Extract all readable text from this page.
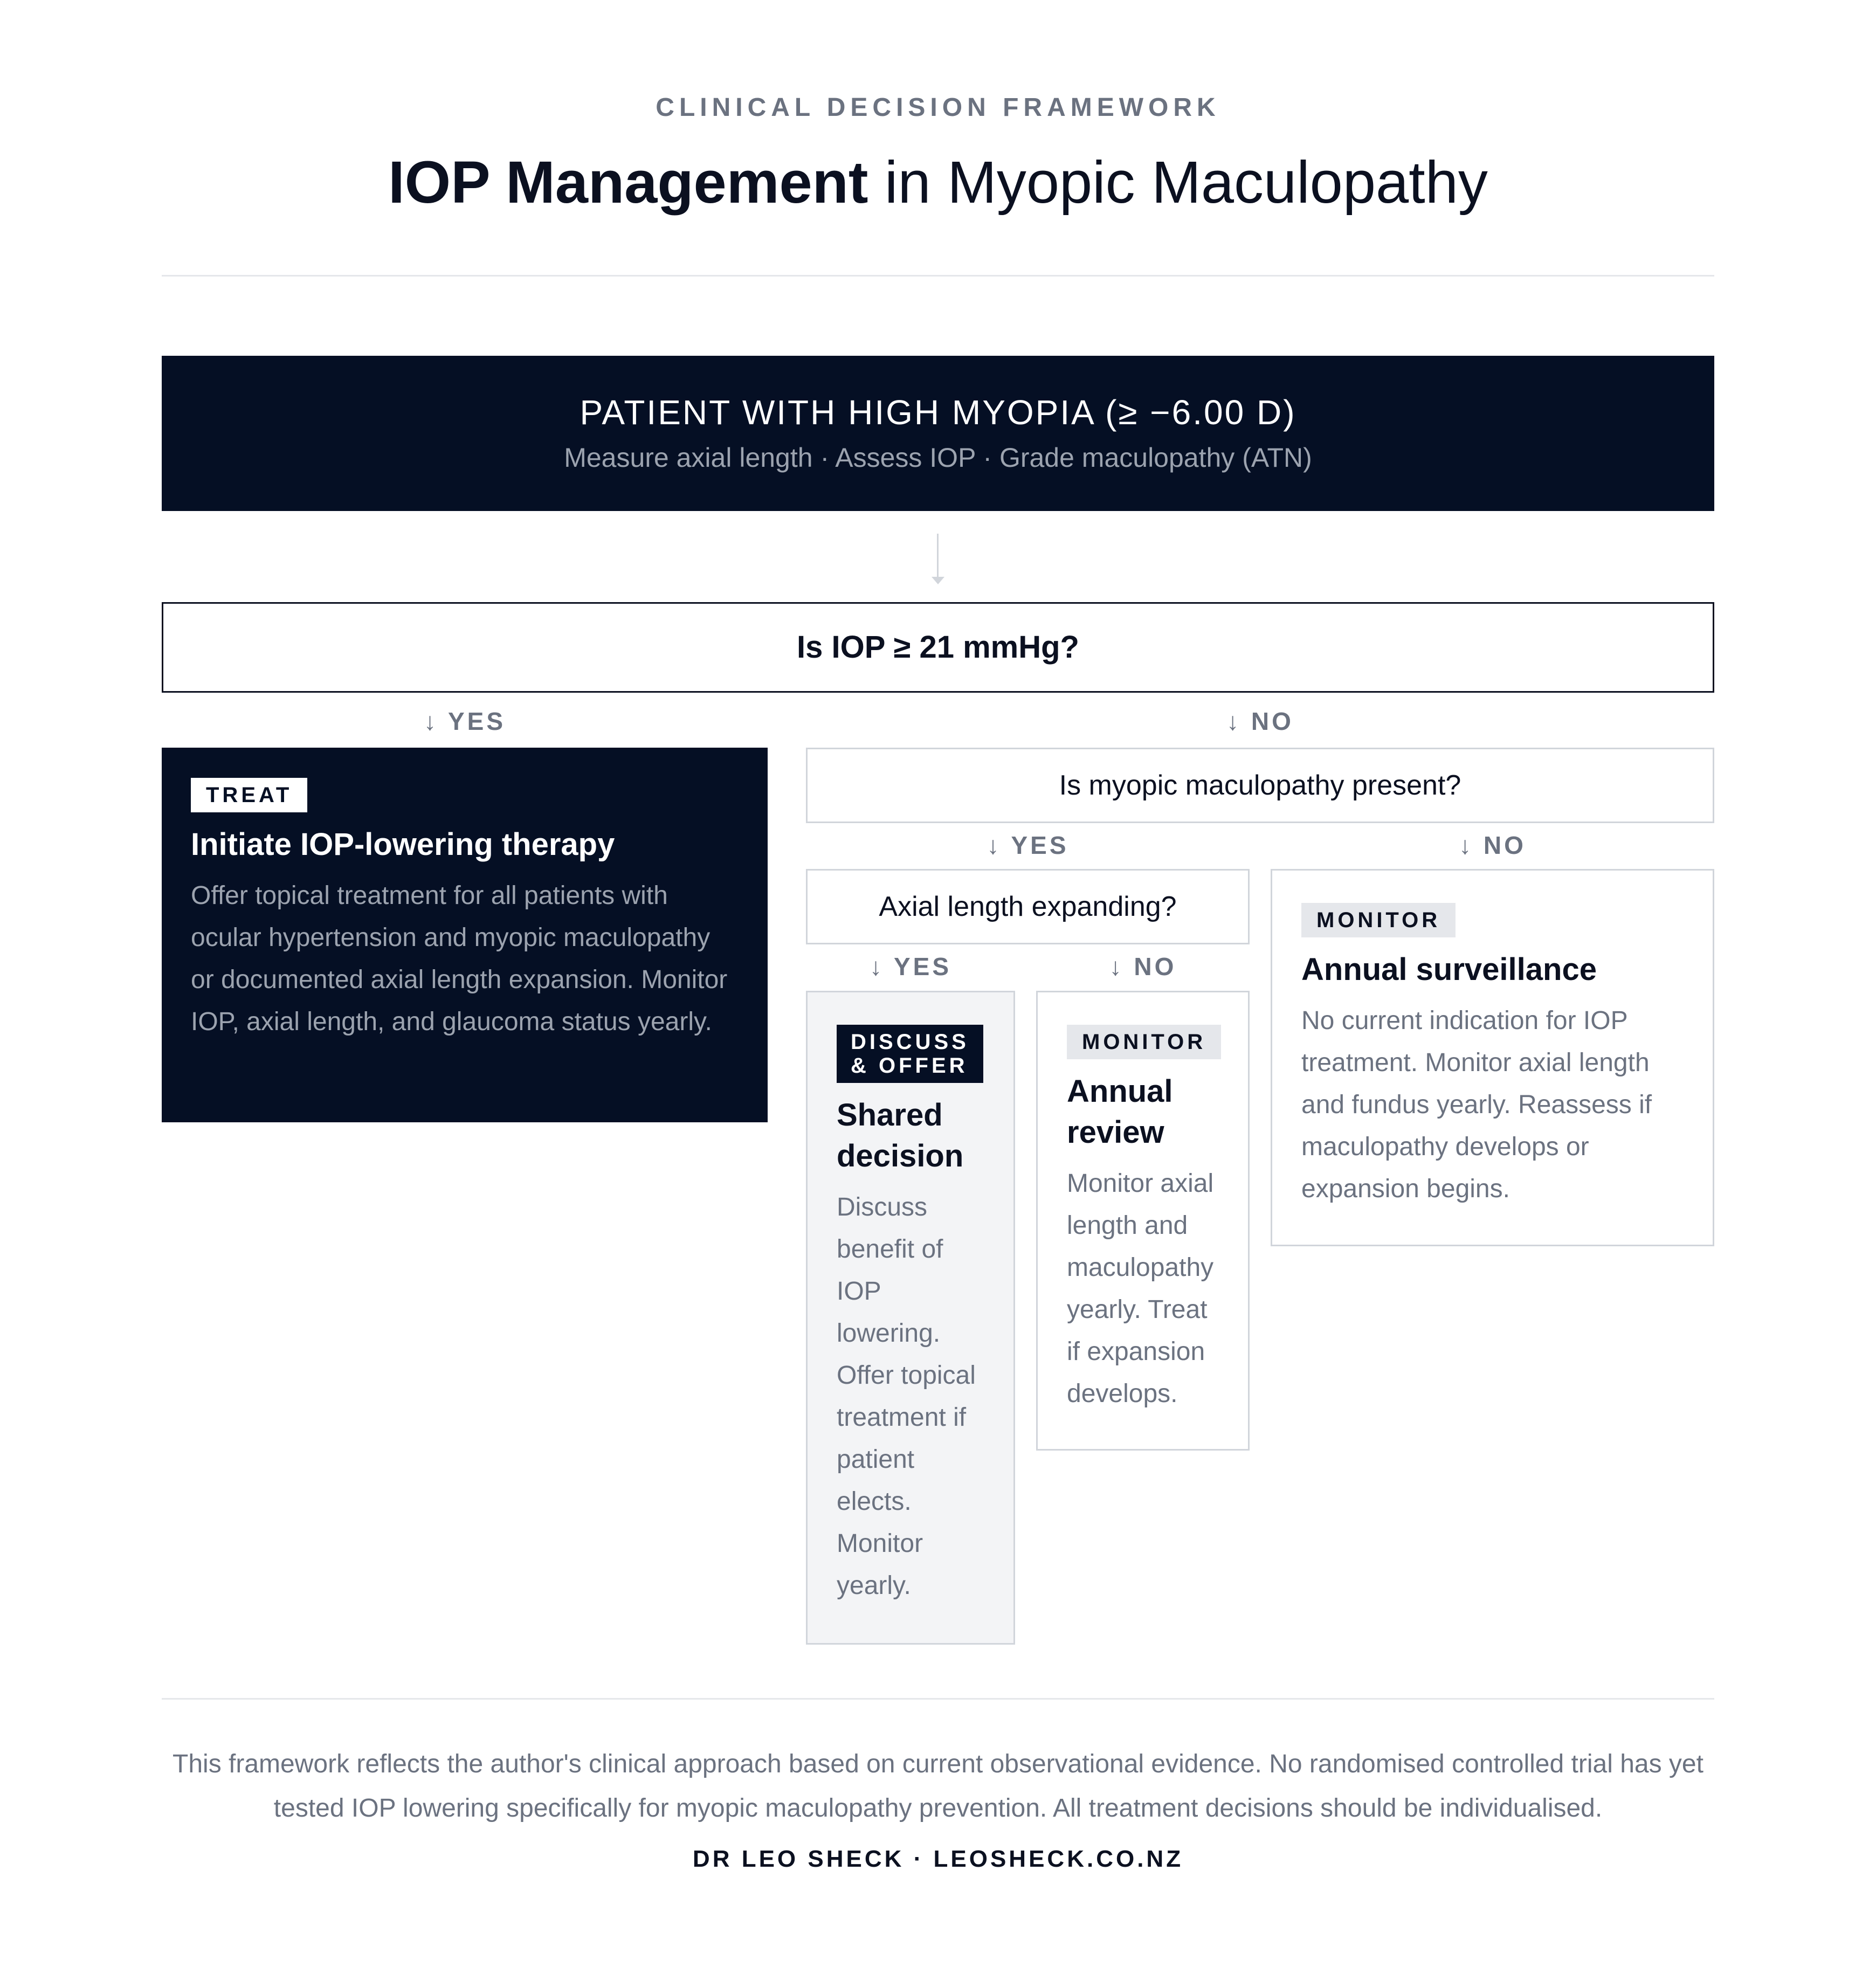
CLINICAL DECISION FRAMEWORK
IOP Management in Myopic Maculopathy
PATIENT WITH HIGH MYOPIA (≥ −6.00 D)
Measure axial length · Assess IOP · Grade maculopathy (ATN)
Is IOP ≥ 21 mmHg?
↓ YES	↓ NO
TREAT
Initiate IOP-lowering therapy
Offer topical treatment for all patients with ocular hypertension and myopic maculopathy or documented axial length expansion. Monitor IOP, axial length, and glaucoma status yearly.
Is myopic maculopathy present?
↓ YES	↓ NO
Axial length expanding?
↓ YES	↓ NO
DISCUSS
& OFFER
Shared
decision
Discuss benefit of IOP lowering. Offer topical treatment if patient elects. Monitor yearly.
MONITOR
Annual
review
Monitor axial length and maculopathy yearly. Treat if expansion develops.
MONITOR
Annual surveillance
No current indication for IOP treatment. Monitor axial length and fundus yearly. Reassess if maculopathy develops or expansion begins.
This framework reflects the author's clinical approach based on current observational evidence. No randomised controlled trial has yet tested IOP lowering specifically for myopic maculopathy prevention. All treatment decisions should be individualised.
DR LEO SHECK · LEOSHECK.CO.NZ
